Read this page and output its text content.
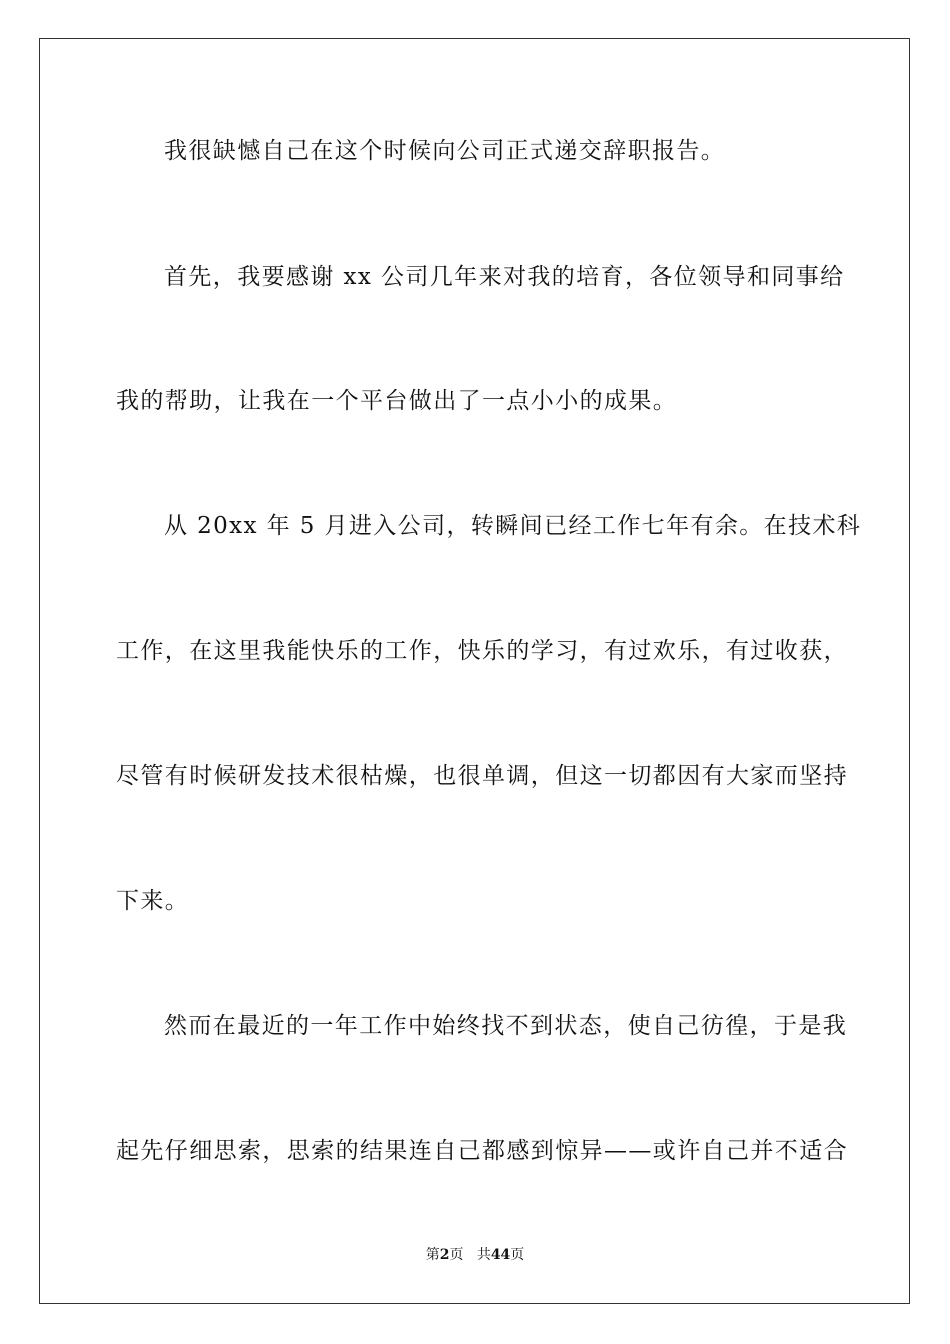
我很缺憾自己在这个时候向公司正式递交辞职报告。
首先，我要感谢 xx 公司几年来对我的培育，各位领导和同事给
我的帮助，让我在一个平台做出了一点小小的成果。
从 20xx 年 5 月进入公司，转瞬间已经工作七年有余。在技术科
工作，在这里我能快乐的工作，快乐的学习，有过欢乐，有过收获，
尽管有时候研发技术很枯燥，也很单调，但这一切都因有大家而坚持
下来。
然而在最近的一年工作中始终找不到状态，使自己彷徨，于是我
起先仔细思索，思索的结果连自己都感到惊异——或许自己并不适合
第2页 共44页
